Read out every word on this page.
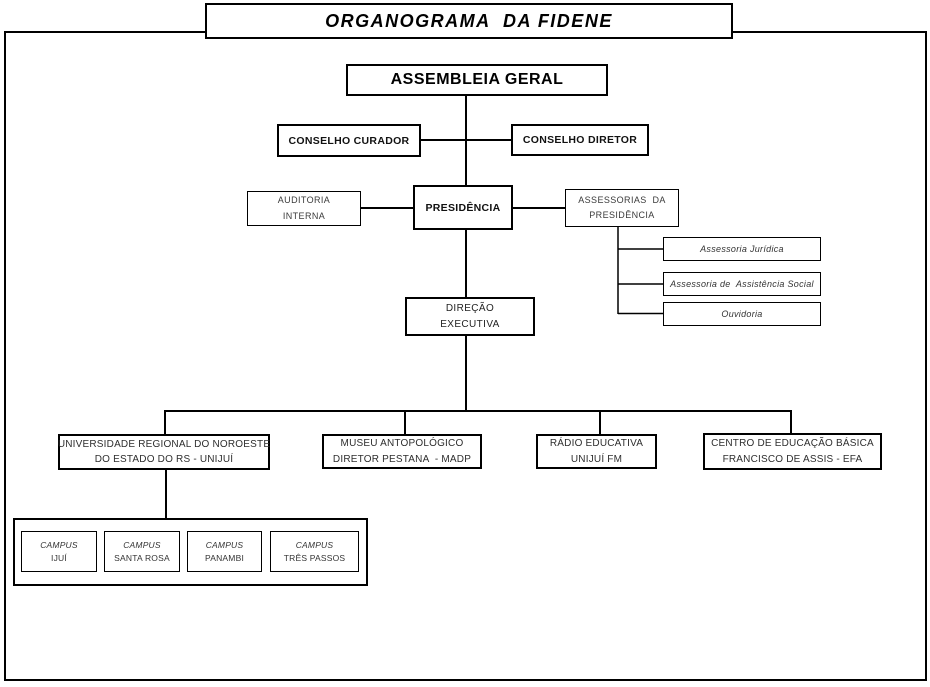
ORGANOGRAMA  DA FIDENE
ASSEMBLEIA GERAL
CONSELHO CURADOR	CONSELHO DIRETOR
AUDITORIA
INTERNA
PRESIDÊNCIA
ASSESSORIAS  DA
PRESIDÊNCIA
Assessoria Jurídica
Assessoria de  Assistência Social
Ouvidoria
DIREÇÃO
EXECUTIVA
UNIVERSIDADE REGIONAL DO NOROESTE
DO ESTADO DO RS - UNIJUÍ
MUSEU ANTOPOLÓGICO
DIRETOR PESTANA  - MADP
RÁDIO EDUCATIVA
UNIJUÍ FM
CENTRO DE EDUCAÇÃO BÁSICA
FRANCISCO DE ASSIS - EFA
CAMPUS
IJUÍ
CAMPUS
SANTA ROSA
CAMPUS
PANAMBI
CAMPUS
TRÊS PASSOS
